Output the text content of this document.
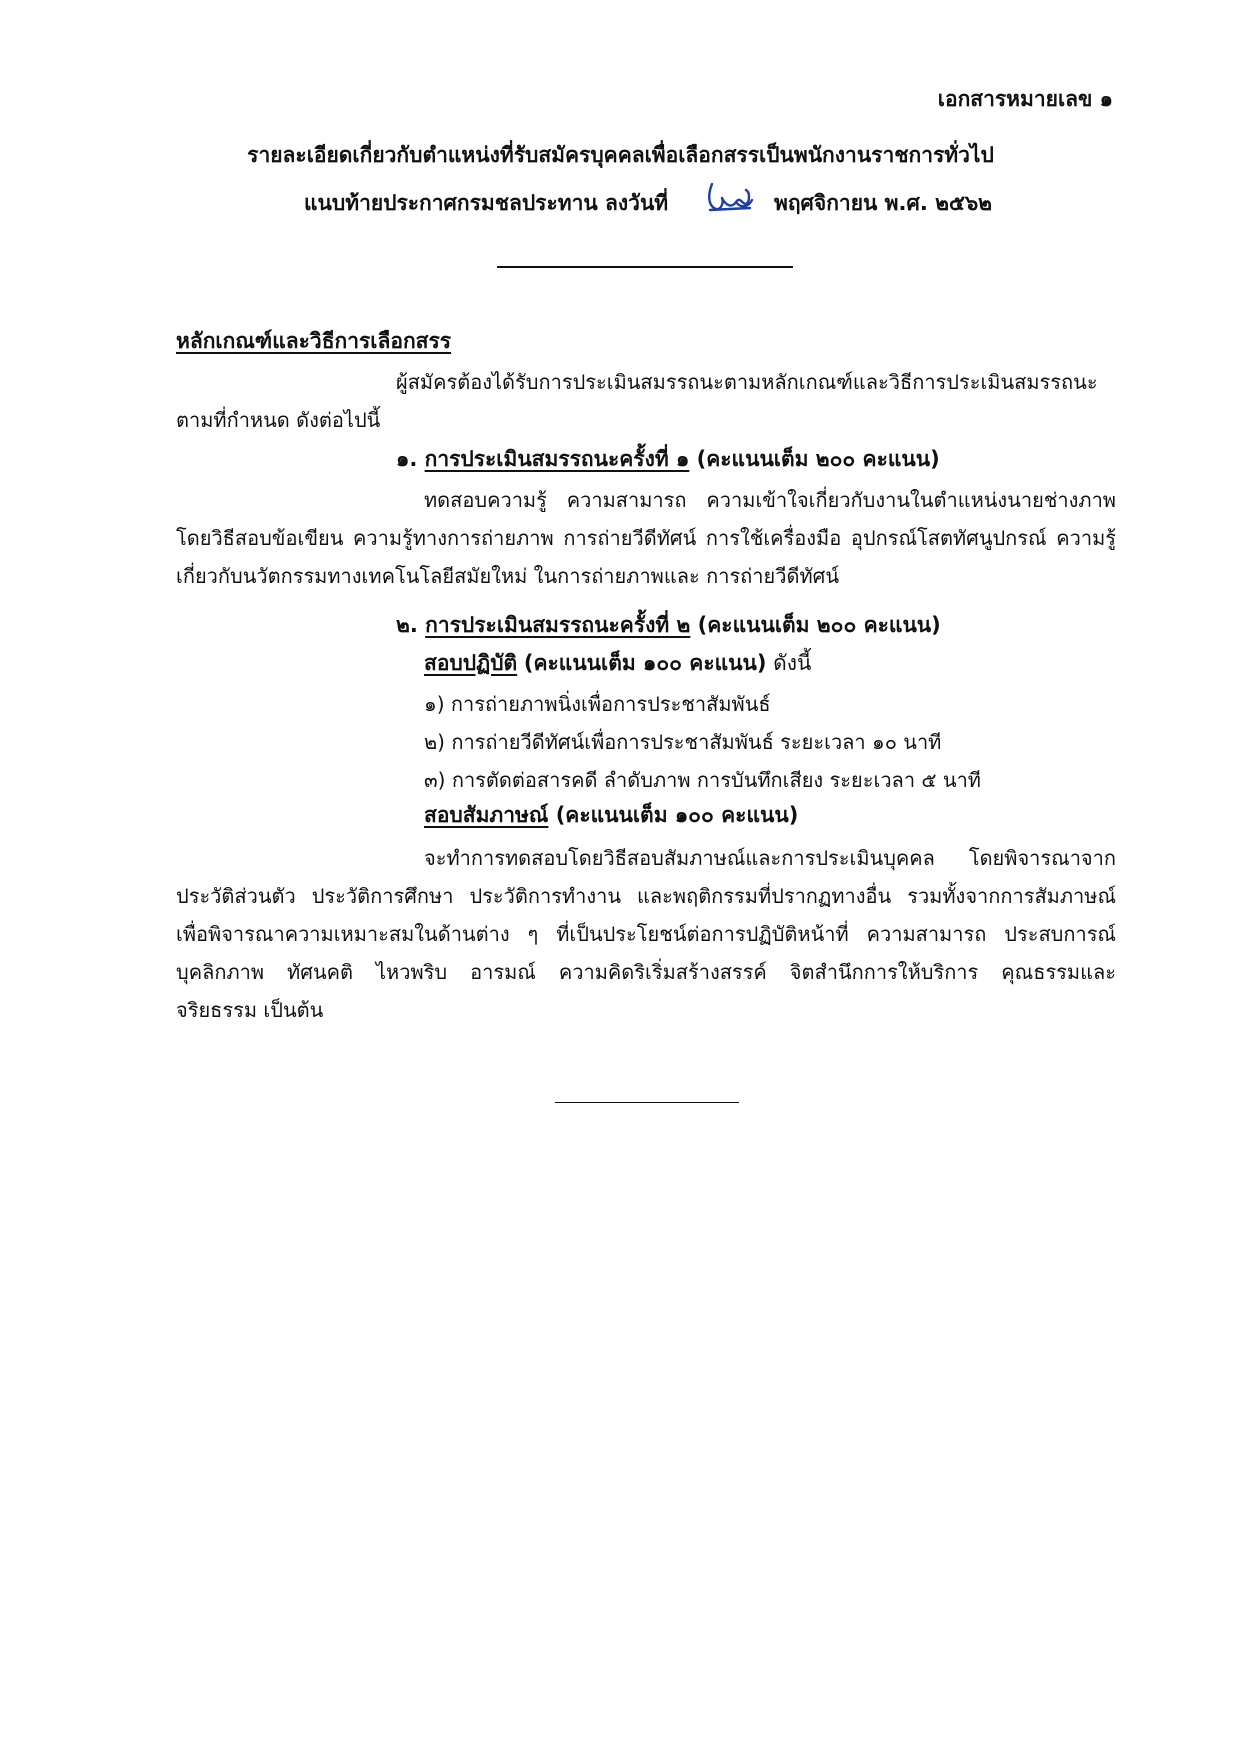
เอกสารหมายเลข ๑
รายละเอียดเกี่ยวกับตำแหน่งที่รับสมัครบุคคลเพื่อเลือกสรรเป็นพนักงานราชการทั่วไป
แนบท้ายประกาศกรมชลประทาน ลงวันที่	พฤศจิกายน พ.ศ. ๒๕๖๒
หลักเกณฑ์และวิธีการเลือกสรร
ผู้สมัครต้องได้รับการประเมินสมรรถนะตามหลักเกณฑ์และวิธีการประเมินสมรรถนะ
ตามที่กำหนด ดังต่อไปนี้
๑. การประเมินสมรรถนะครั้งที่ ๑ (คะแนนเต็ม ๒๐๐ คะแนน)
ทดสอบความรู้ ความสามารถ ความเข้าใจเกี่ยวกับงานในตำแหน่งนายช่างภาพ
โดยวิธีสอบข้อเขียน ความรู้ทางการถ่ายภาพ การถ่ายวีดีทัศน์ การใช้เครื่องมือ อุปกรณ์โสตทัศนูปกรณ์ ความรู้
เกี่ยวกับนวัตกรรมทางเทคโนโลยีสมัยใหม่ ในการถ่ายภาพและ การถ่ายวีดีทัศน์
๒. การประเมินสมรรถนะครั้งที่ ๒ (คะแนนเต็ม ๒๐๐ คะแนน)
สอบปฏิบัติ (คะแนนเต็ม ๑๐๐ คะแนน) ดังนี้
๑) การถ่ายภาพนิ่งเพื่อการประชาสัมพันธ์
๒) การถ่ายวีดีทัศน์เพื่อการประชาสัมพันธ์ ระยะเวลา ๑๐ นาที
๓) การตัดต่อสารคดี ลำดับภาพ การบันทึกเสียง ระยะเวลา ๕ นาที
สอบสัมภาษณ์ (คะแนนเต็ม ๑๐๐ คะแนน)
จะทำการทดสอบโดยวิธีสอบสัมภาษณ์และการประเมินบุคคล โดยพิจารณาจาก
ประวัติส่วนตัว ประวัติการศึกษา ประวัติการทำงาน และพฤติกรรมที่ปรากฏทางอื่น รวมทั้งจากการสัมภาษณ์
เพื่อพิจารณาความเหมาะสมในด้านต่าง ๆ ที่เป็นประโยชน์ต่อการปฏิบัติหน้าที่ ความสามารถ ประสบการณ์
บุคลิกภาพ ทัศนคติ ไหวพริบ อารมณ์ ความคิดริเริ่มสร้างสรรค์ จิตสำนึกการให้บริการ คุณธรรมและ
จริยธรรม เป็นต้น
